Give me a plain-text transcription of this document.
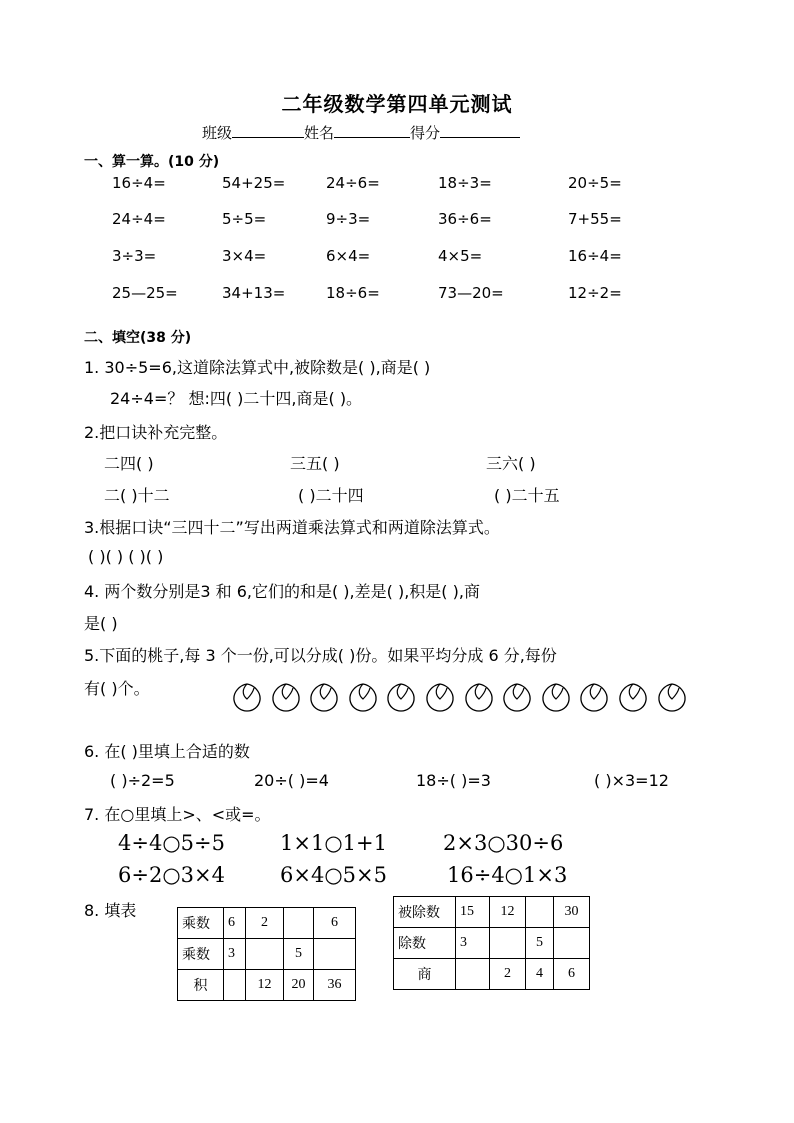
二年级数学第四单元测试
班级	姓名	得分
一、算一算。(10 分)
16÷4=	54+25=	24÷6=	18÷3=	20÷5=
24÷4=	5÷5=	9÷3=	36÷6=	7+55=
3÷3=	3×4=	6×4=	4×5=	16÷4=
25—25=	34+13=	18÷6=	73—20=	12÷2=
二、填空(38 分)
1. 30÷5=6,这道除法算式中,被除数是( ),商是( )
24÷4=？ 想:四( )二十四,商是( )。
2.把口诀补充完整。
二四( )	三五( )	三六( )
二( )十二	( )二十四	( )二十五
3.根据口诀“三四十二”写出两道乘法算式和两道除法算式。
( )( ) ( )( )
4. 两个数分别是3 和 6,它们的和是( ),差是( ),积是( ),商
是( )
5.下面的桃子,每 3 个一份,可以分成( )份。如果平均分成 6 分,每份
有( )个。
6. 在( )里填上合适的数
( )÷2=5	20÷( )=4	18÷( )=3	( )×3=12
7. 在○里填上>、<或=。
4÷4○5÷5	1×1○1+1	2×3○30÷6
6÷2○3×4	6×4○5×5	16÷4○1×3
8. 填表
乘数	6	2		6
乘数	3		5	
积		12	20	36
被除数	15	12		30
除数	3		5	
商		2	4	6
